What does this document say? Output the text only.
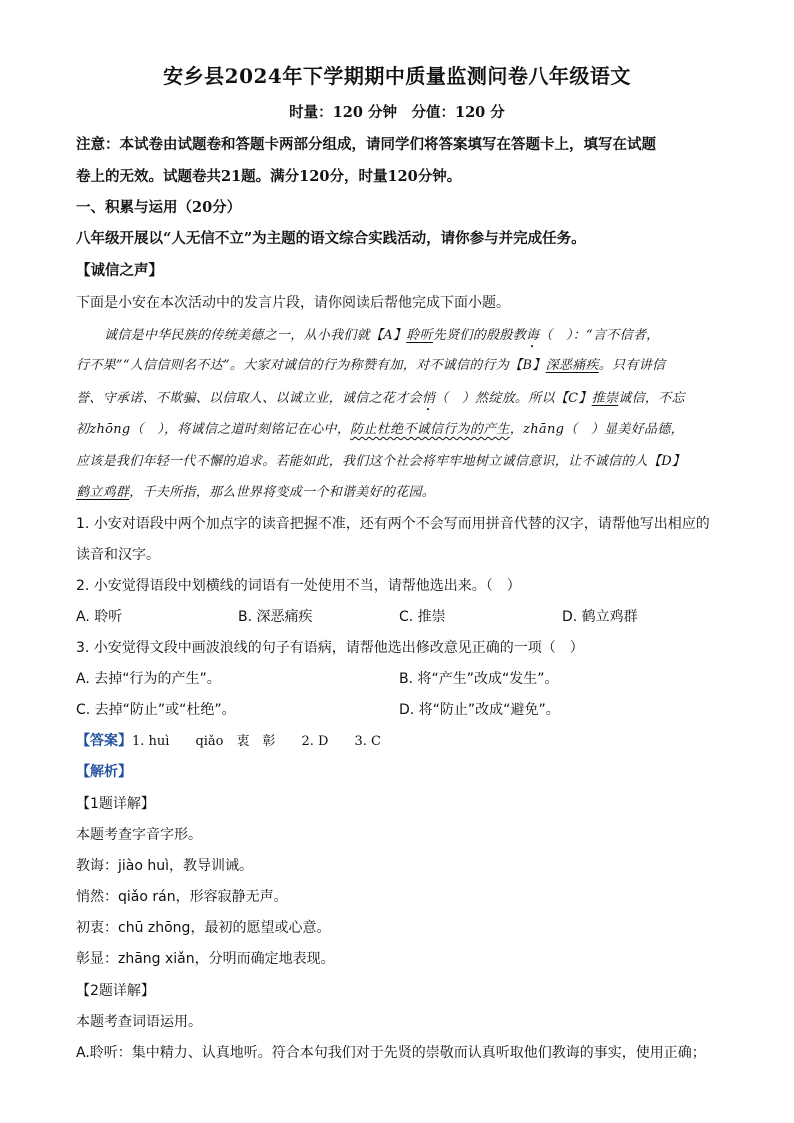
安乡县2024年下学期期中质量监测问卷八年级语文
时量：120 分钟　分值：120 分
注意：本试卷由试题卷和答题卡两部分组成，请同学们将答案填写在答题卡上，填写在试题
卷上的无效。试题卷共21题。满分120分，时量120分钟。
一、积累与运用（20分）
八年级开展以“人无信不立”为主题的语文综合实践活动，请你参与并完成任务。
【诚信之声】
下面是小安在本次活动中的发言片段，请你阅读后帮他完成下面小题。
诚信是中华民族的传统美德之一，从小我们就【A】聆听先贤们的殷殷教诲（　）：“言不信者，
行不果”“人信信则名不达”。大家对诚信的行为称赞有加，对不诚信的行为【B】深恶痛疾。只有讲信
誉、守承诺、不欺骗、以信取人、以诚立业，诚信之花才会悄（　）然绽放。所以【C】推崇诚信，不忘
初zhōng（　），将诚信之道时刻铭记在心中，防止杜绝不诚信行为的产生，zhāng（　）显美好品德，
应该是我们年轻一代不懈的追求。若能如此，我们这个社会将牢牢地树立诚信意识，让不诚信的人【D】
鹤立鸡群，千夫所指，那么世界将变成一个和谐美好的花园。
1. 小安对语段中两个加点字的读音把握不准，还有两个不会写而用拼音代替的汉字，请帮他写出相应的
读音和汉字。
2. 小安觉得语段中划横线的词语有一处使用不当，请帮他选出来。（　）
A. 聆听	B. 深恶痛疾	C. 推崇	D. 鹤立鸡群
3. 小安觉得文段中画波浪线的句子有语病，请帮他选出修改意见正确的一项（　）
A. 去掉“行为的产生”。	B. 将“产生”改成“发生”。
C. 去掉“防止”或“杜绝”。	D. 将“防止”改成“避免”。
【答案】1. huì　　qiǎo　衷　彰　　2. D　　3. C
【解析】
【1题详解】
本题考查字音字形。
教诲：jiào huì，教导训诫。
悄然：qiǎo rán，形容寂静无声。
初衷：chū zhōng，最初的愿望或心意。
彰显：zhāng xiǎn，分明而确定地表现。
【2题详解】
本题考查词语运用。
A.聆听：集中精力、认真地听。符合本句我们对于先贤的崇敬而认真听取他们教诲的事实，使用正确；
